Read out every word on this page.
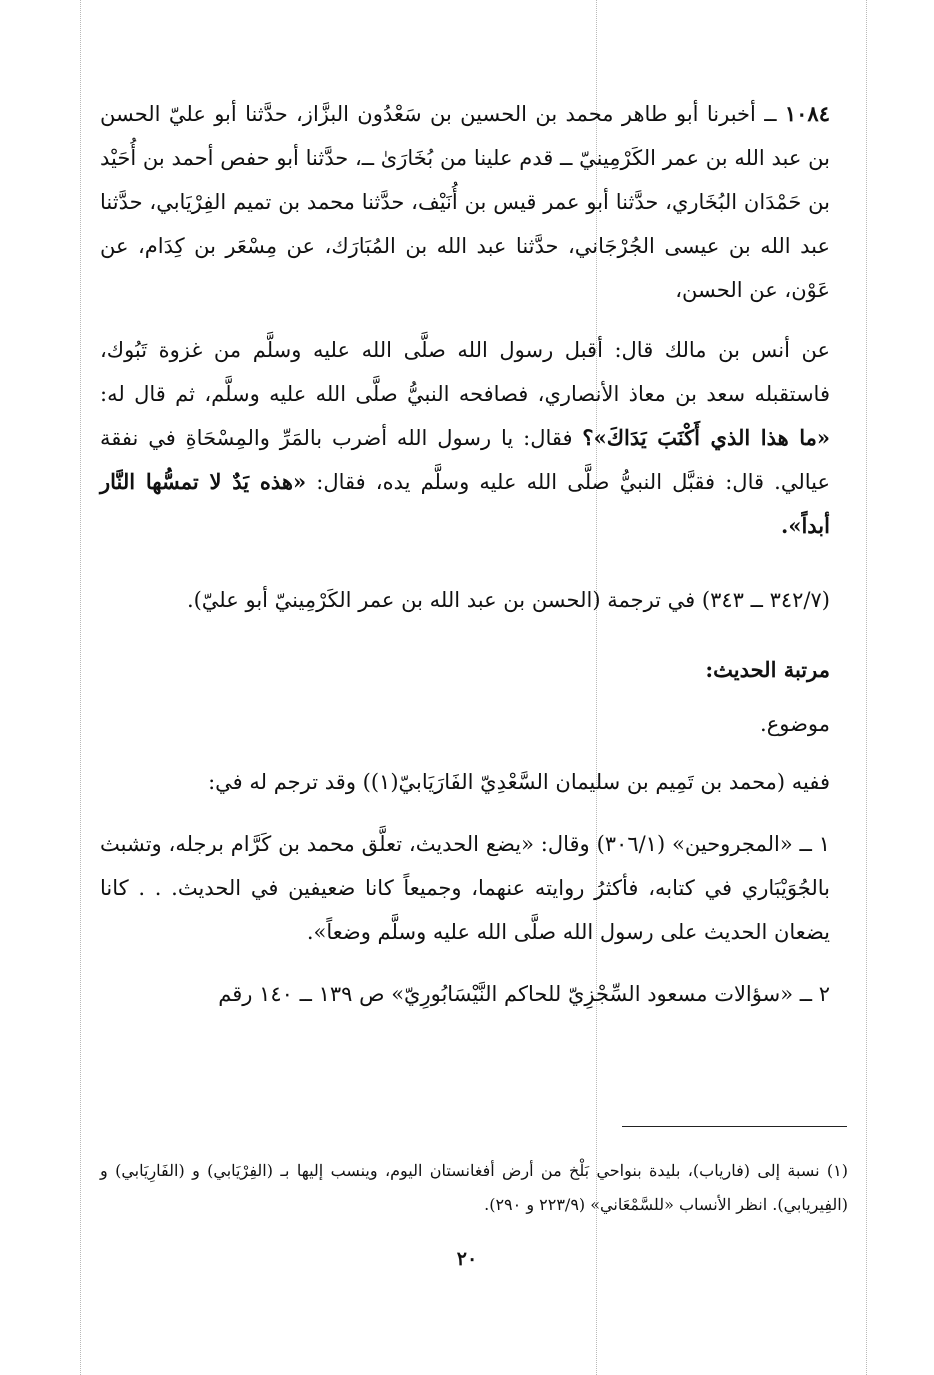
١٠٨٤ ــ أخبرنا أبو طاهر محمد بن الحسين بن سَعْدُون البزَّاز، حدَّثنا أبو عليّ الحسن بن عبد الله بن عمر الكَرْمِينيّ ــ قدم علينا من بُخَارَىٰ ــ، حدَّثنا أبو حفص أحمد بن أُحَيْد بن حَمْدَان البُخَاري، حدَّثنا أبو عمر قيس بن أُنَيْف، حدَّثنا محمد بن تميم الفِرْيَابي، حدَّثنا عبد الله بن عيسى الجُرْجَاني، حدَّثنا عبد الله بن المُبَارَك، عن مِسْعَر بن كِدَام، عن عَوْن، عن الحسن،

عن أنس بن مالك قال: أقبل رسول الله صلَّى الله عليه وسلَّم من غزوة تَبُوك، فاستقبله سعد بن معاذ الأنصاري، فصافحه النبيُّ صلَّى الله عليه وسلَّم، ثم قال له: «ما هذا الذي أَكْنَبَ يَدَاكَ»؟ فقال: يا رسول الله أضرب بالمَرِّ والمِسْحَاةِ في نفقة عيالي. قال: فقبَّل النبيُّ صلَّى الله عليه وسلَّم يده، فقال: «هذه يَدٌ لا تمسُّها النَّار أبداً».

(٣٤٢/٧ ــ ٣٤٣) في ترجمة (الحسن بن عبد الله بن عمر الكَرْمِينيّ أبو عليّ).

مرتبة الحديث:

موضوع.

ففيه (محمد بن تَمِيم بن سليمان السَّعْدِيّ الفَارَيَابيّ(١)) وقد ترجم له في:

١ ــ «المجروحين» (٣٠٦/١) وقال: «يضع الحديث، تعلَّق محمد بن كَرَّام برجله، وتشبث بالجُوَيْبَاري في كتابه، فأكثرُ روايته عنهما، وجميعاً كانا ضعيفين في الحديث. . . كانا يضعان الحديث على رسول الله صلَّى الله عليه وسلَّم وضعاً».

٢ ــ «سؤالات مسعود السِّجْزِيّ للحاكم النَّيْسَابُورِيّ» ص ١٣٩ ــ ١٤٠ رقم

(١) نسبة إلى (فارياب)، بليدة بنواحي بَلْخ من أرض أفغانستان اليوم، وينسب إليها بـ (الفِرْيَابي) و (الفَارِيَابي) و (الفِيريابي). انظر الأنساب «للسَّمْعَاني» (٢٢٣/٩ و ٢٩٠).

٢٠
